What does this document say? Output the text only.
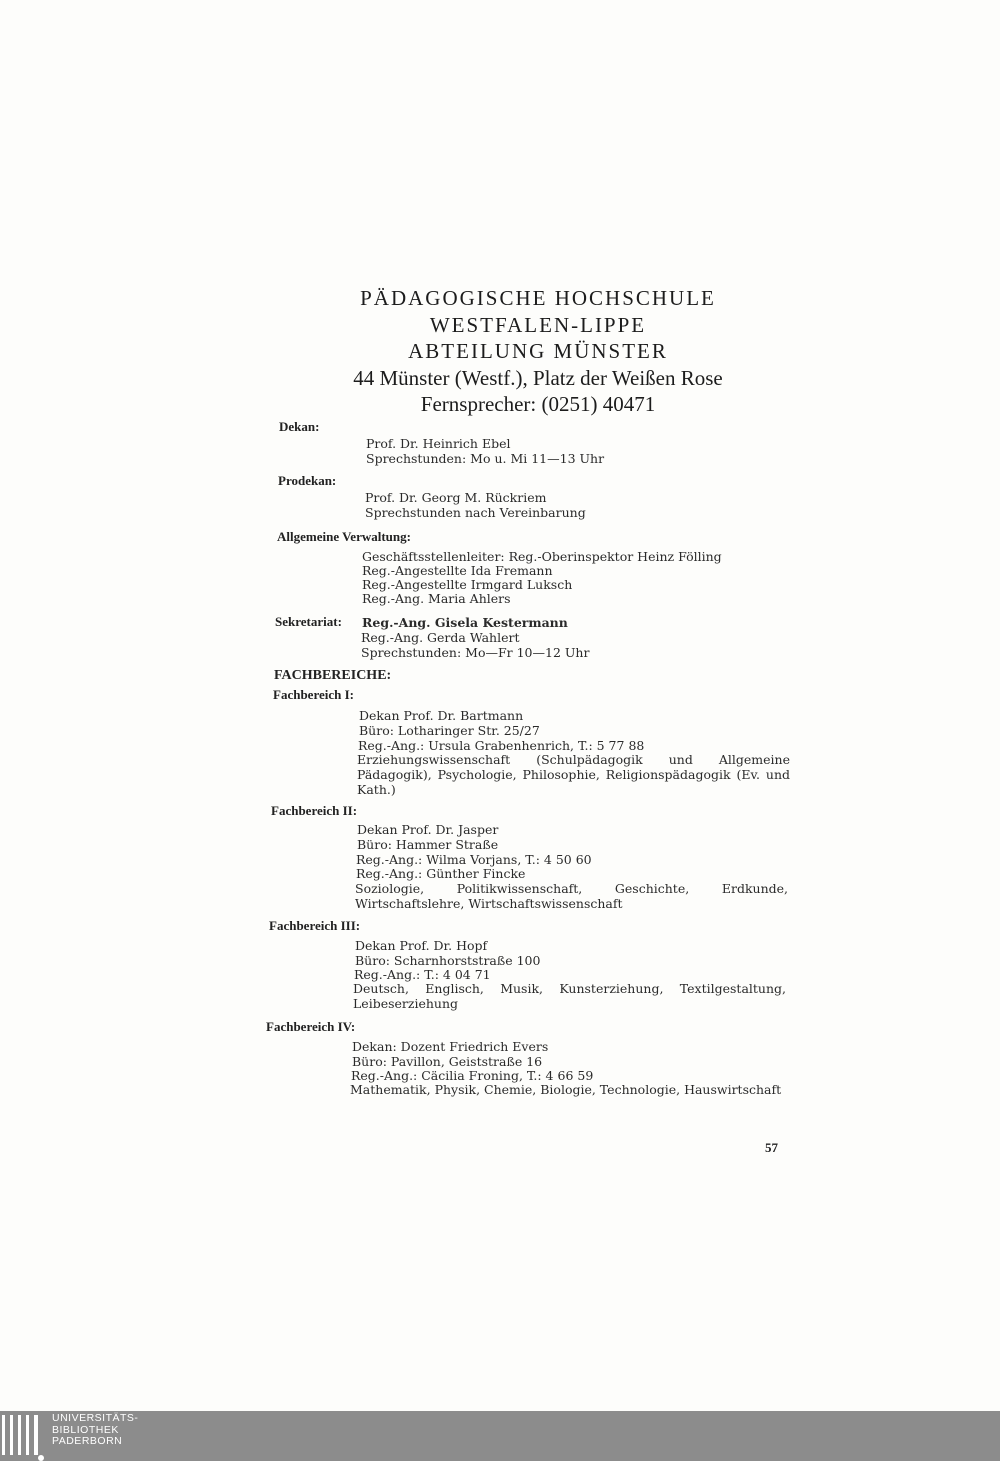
PÄDAGOGISCHE HOCHSCHULE
WESTFALEN-LIPPE
ABTEILUNG MÜNSTER
44 Münster (Westf.), Platz der Weißen Rose
Fernsprecher: (0251) 40471
Dekan:
Prof. Dr. Heinrich Ebel
Sprechstunden: Mo u. Mi 11—13 Uhr
Prodekan:
Prof. Dr. Georg M. Rückriem
Sprechstunden nach Vereinbarung
Allgemeine Verwaltung:
Geschäftsstellenleiter: Reg.-Oberinspektor Heinz Fölling
Reg.-Angestellte Ida Fremann
Reg.-Angestellte Irmgard Luksch
Reg.-Ang. Maria Ahlers
Sekretariat: Reg.-Ang. Gisela Kestermann
Reg.-Ang. Gerda Wahlert
Sprechstunden: Mo—Fr 10—12 Uhr
FACHBEREICHE:
Fachbereich I:
Dekan Prof. Dr. Bartmann
Büro: Lotharinger Str. 25/27
Reg.-Ang.: Ursula Grabenhenrich, T.: 5 77 88
Erziehungswissenschaft (Schulpädagogik und Allgemeine Pädagogik), Psychologie, Philosophie, Religionspädagogik (Ev. und Kath.)
Fachbereich II:
Dekan Prof. Dr. Jasper
Büro: Hammer Straße
Reg.-Ang.: Wilma Vorjans, T.: 4 50 60
Reg.-Ang.: Günther Fincke
Soziologie, Politikwissenschaft, Geschichte, Erdkunde, Wirtschaftslehre, Wirtschaftswissenschaft
Fachbereich III:
Dekan Prof. Dr. Hopf
Büro: Scharnhorststraße 100
Reg.-Ang.: T.: 4 04 71
Deutsch, Englisch, Musik, Kunsterziehung, Textilgestaltung, Leibeserziehung
Fachbereich IV:
Dekan: Dozent Friedrich Evers
Büro: Pavillon, Geiststraße 16
Reg.-Ang.: Cäcilia Froning, T.: 4 66 59
Mathematik, Physik, Chemie, Biologie, Technologie, Hauswirtschaft
57
UNIVERSITÄTS-
BIBLIOTHEK
PADERBORN
